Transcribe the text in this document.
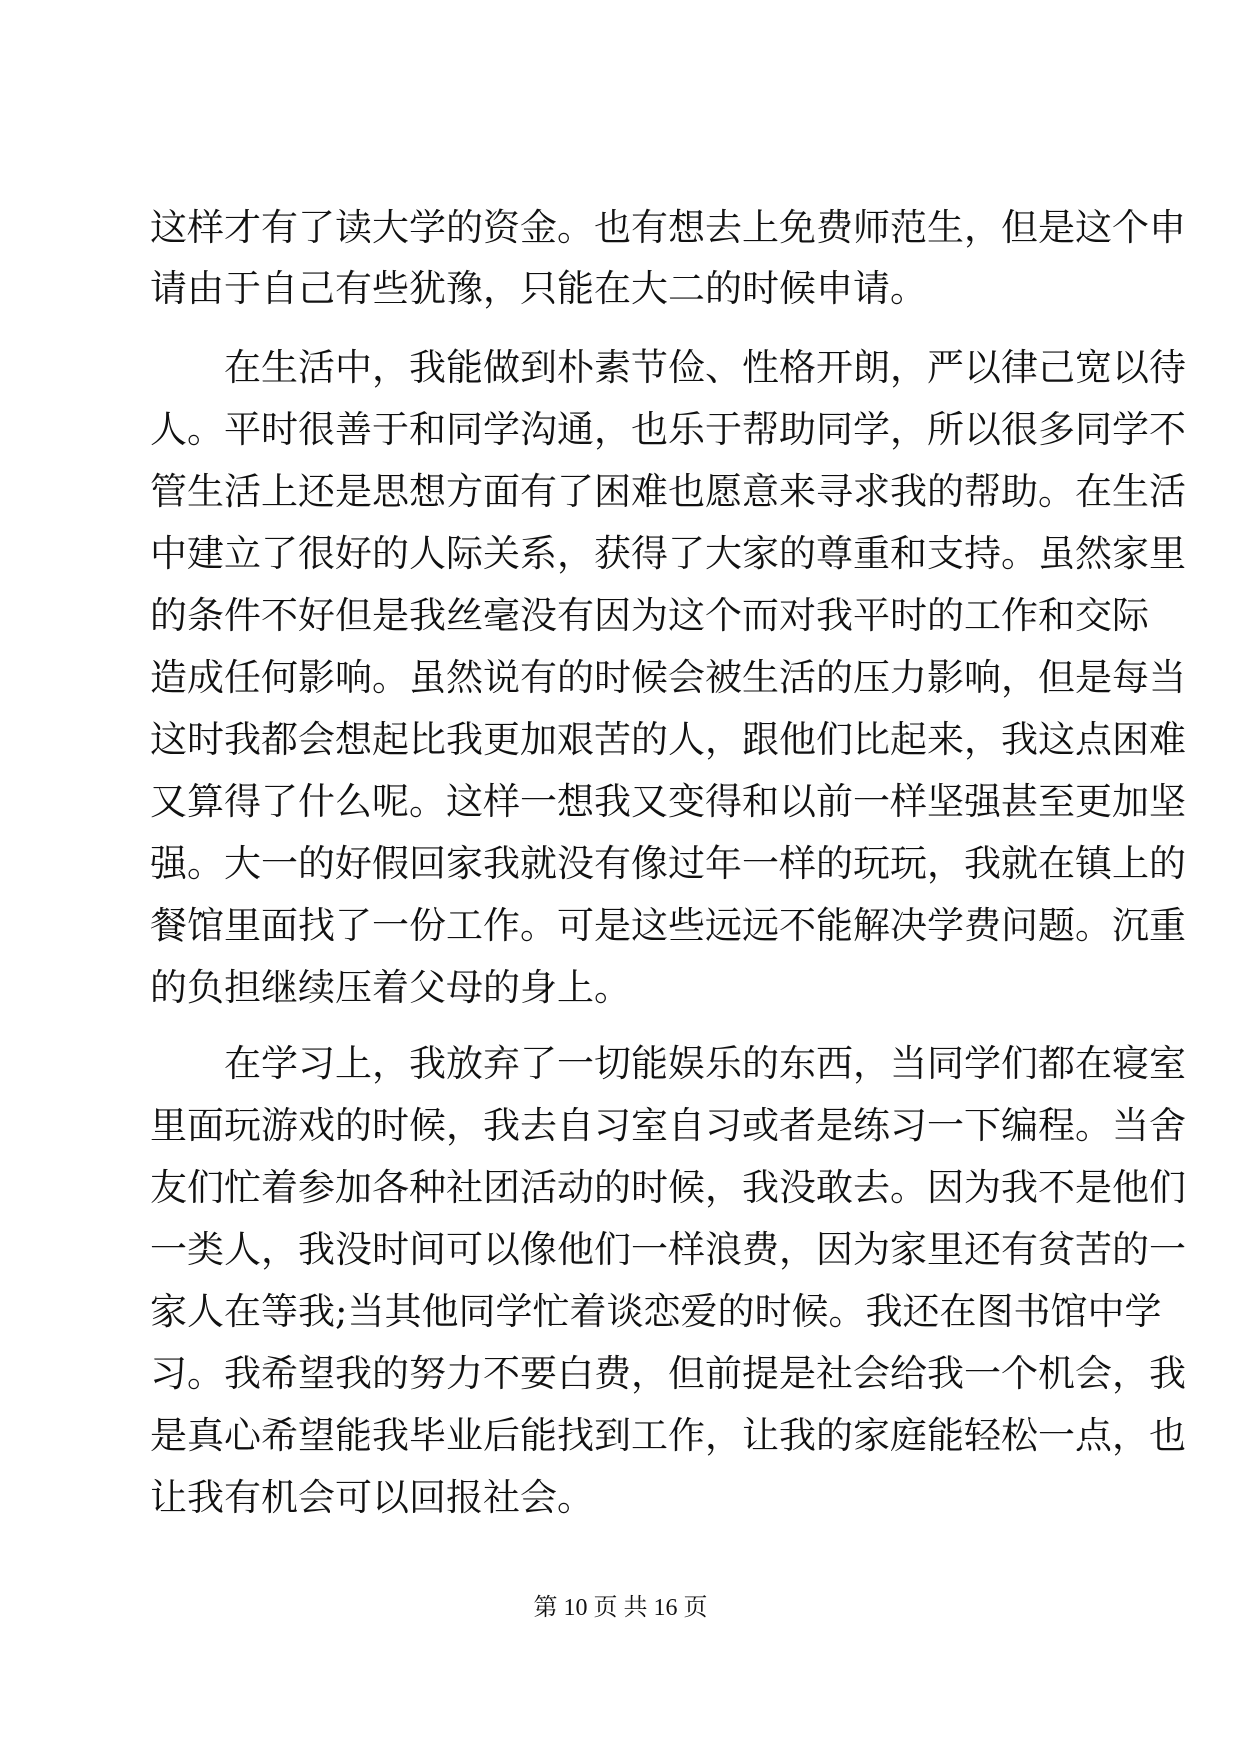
这样才有了读大学的资金。也有想去上免费师范生，但是这个申
请由于自己有些犹豫，只能在大二的时候申请。
在生活中，我能做到朴素节俭、性格开朗，严以律己宽以待
人。平时很善于和同学沟通，也乐于帮助同学，所以很多同学不
管生活上还是思想方面有了困难也愿意来寻求我的帮助。在生活
中建立了很好的人际关系，获得了大家的尊重和支持。虽然家里
的条件不好但是我丝毫没有因为这个而对我平时的工作和交际
造成任何影响。虽然说有的时候会被生活的压力影响，但是每当
这时我都会想起比我更加艰苦的人，跟他们比起来，我这点困难
又算得了什么呢。这样一想我又变得和以前一样坚强甚至更加坚
强。大一的好假回家我就没有像过年一样的玩玩，我就在镇上的
餐馆里面找了一份工作。可是这些远远不能解决学费问题。沉重
的负担继续压着父母的身上。
在学习上，我放弃了一切能娱乐的东西，当同学们都在寝室
里面玩游戏的时候，我去自习室自习或者是练习一下编程。当舍
友们忙着参加各种社团活动的时候，我没敢去。因为我不是他们
一类人，我没时间可以像他们一样浪费，因为家里还有贫苦的一
家人在等我;当其他同学忙着谈恋爱的时候。我还在图书馆中学
习。我希望我的努力不要白费，但前提是社会给我一个机会，我
是真心希望能我毕业后能找到工作，让我的家庭能轻松一点，也
让我有机会可以回报社会。
第 10 页 共 16 页
